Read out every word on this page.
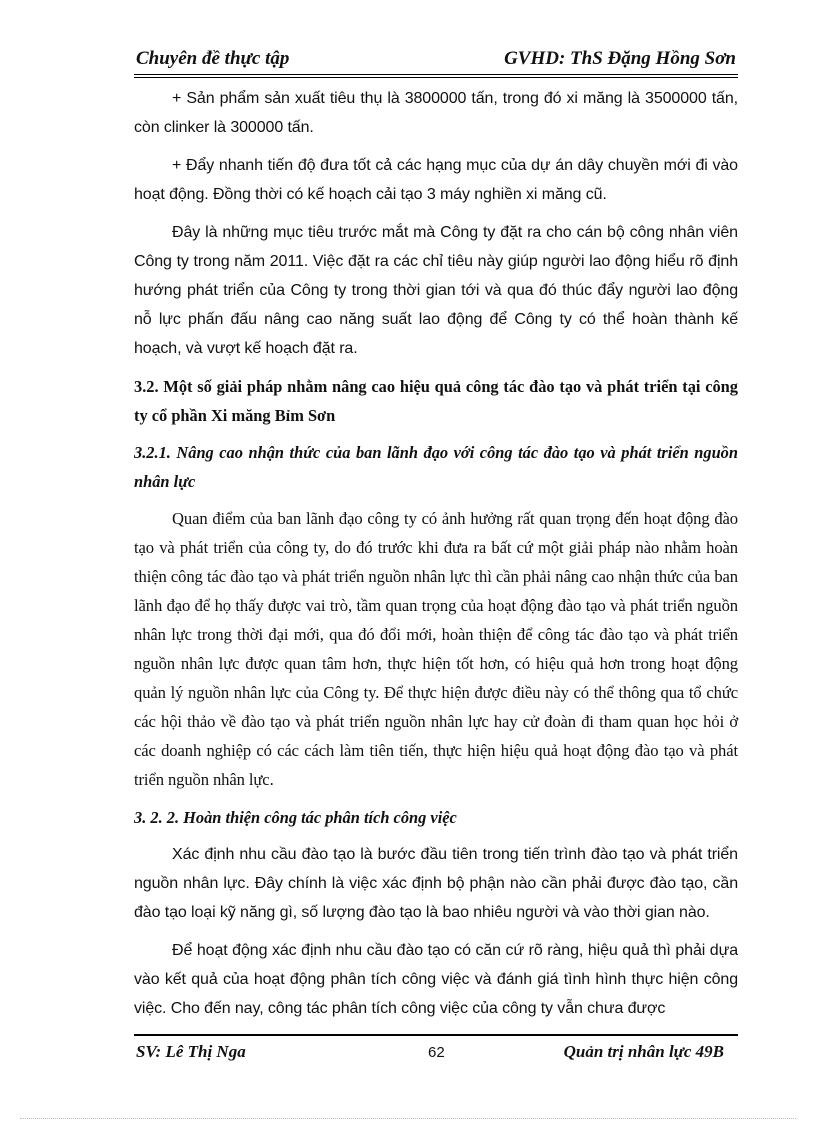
Chuyên đề thực tập	GVHD: ThS Đặng Hồng Sơn

+ Sản phẩm sản xuất tiêu thụ là 3800000 tấn, trong đó xi măng là 3500000 tấn, còn clinker là 300000 tấn.

+ Đẩy nhanh tiến độ đưa tốt cả các hạng mục của dự án dây chuyền mới đi vào hoạt động. Đồng thời có kế hoạch cải tạo 3 máy nghiền xi măng cũ.

Đây là những mục tiêu trước mắt mà Công ty đặt ra cho cán bộ công nhân viên Công ty trong năm 2011. Việc đặt ra các chỉ tiêu này giúp người lao động hiểu rõ định hướng phát triển của Công ty trong thời gian tới và qua đó thúc đẩy người lao động nỗ lực phấn đấu nâng cao năng suất lao động để Công ty có thể hoàn thành kế hoạch, và vượt kế hoạch đặt ra.

3.2. Một số giải pháp nhằm nâng cao hiệu quả công tác đào tạo và phát triển tại công ty cổ phần Xi măng Bỉm Sơn
3.2.1. Nâng cao nhận thức của ban lãnh đạo với công tác đào tạo và phát triển nguồn nhân lực

Quan điểm của ban lãnh đạo công ty có ảnh hưởng rất quan trọng đến hoạt động đào tạo và phát triển của công ty, do đó trước khi đưa ra bất cứ một giải pháp nào nhằm hoàn thiện công tác đào tạo và phát triển nguồn nhân lực thì cần phải nâng cao nhận thức của ban lãnh đạo để họ thấy được vai trò, tầm quan trọng của hoạt động đào tạo và phát triển nguồn nhân lực trong thời đại mới, qua đó đổi mới, hoàn thiện để công tác đào tạo và phát triển nguồn nhân lực được quan tâm hơn, thực hiện tốt hơn, có hiệu quả hơn trong hoạt động quản lý nguồn nhân lực của Công ty. Để thực hiện được điều này có thể thông qua tổ chức các hội thảo về đào tạo và phát triển nguồn nhân lực hay cử đoàn đi tham quan học hỏi ở các doanh nghiệp có các cách làm tiên tiến, thực hiện hiệu quả hoạt động đào tạo và phát triển nguồn nhân lực.

3. 2. 2. Hoàn thiện công tác phân tích công việc

Xác định nhu cầu đào tạo là bước đầu tiên trong tiến trình đào tạo và phát triển nguồn nhân lực. Đây chính là việc xác định bộ phận nào cần phải được đào tạo, cần đào tạo loại kỹ năng gì, số lượng đào tạo là bao nhiêu người và vào thời gian nào.

Để hoạt động xác định nhu cầu đào tạo có căn cứ rõ ràng, hiệu quả thì phải dựa vào kết quả của hoạt động phân tích công việc và đánh giá tình hình thực hiện công việc. Cho đến nay, công tác phân tích công việc của công ty vẫn chưa được

SV: Lê Thị Nga	62	Quản trị nhân lực 49B
